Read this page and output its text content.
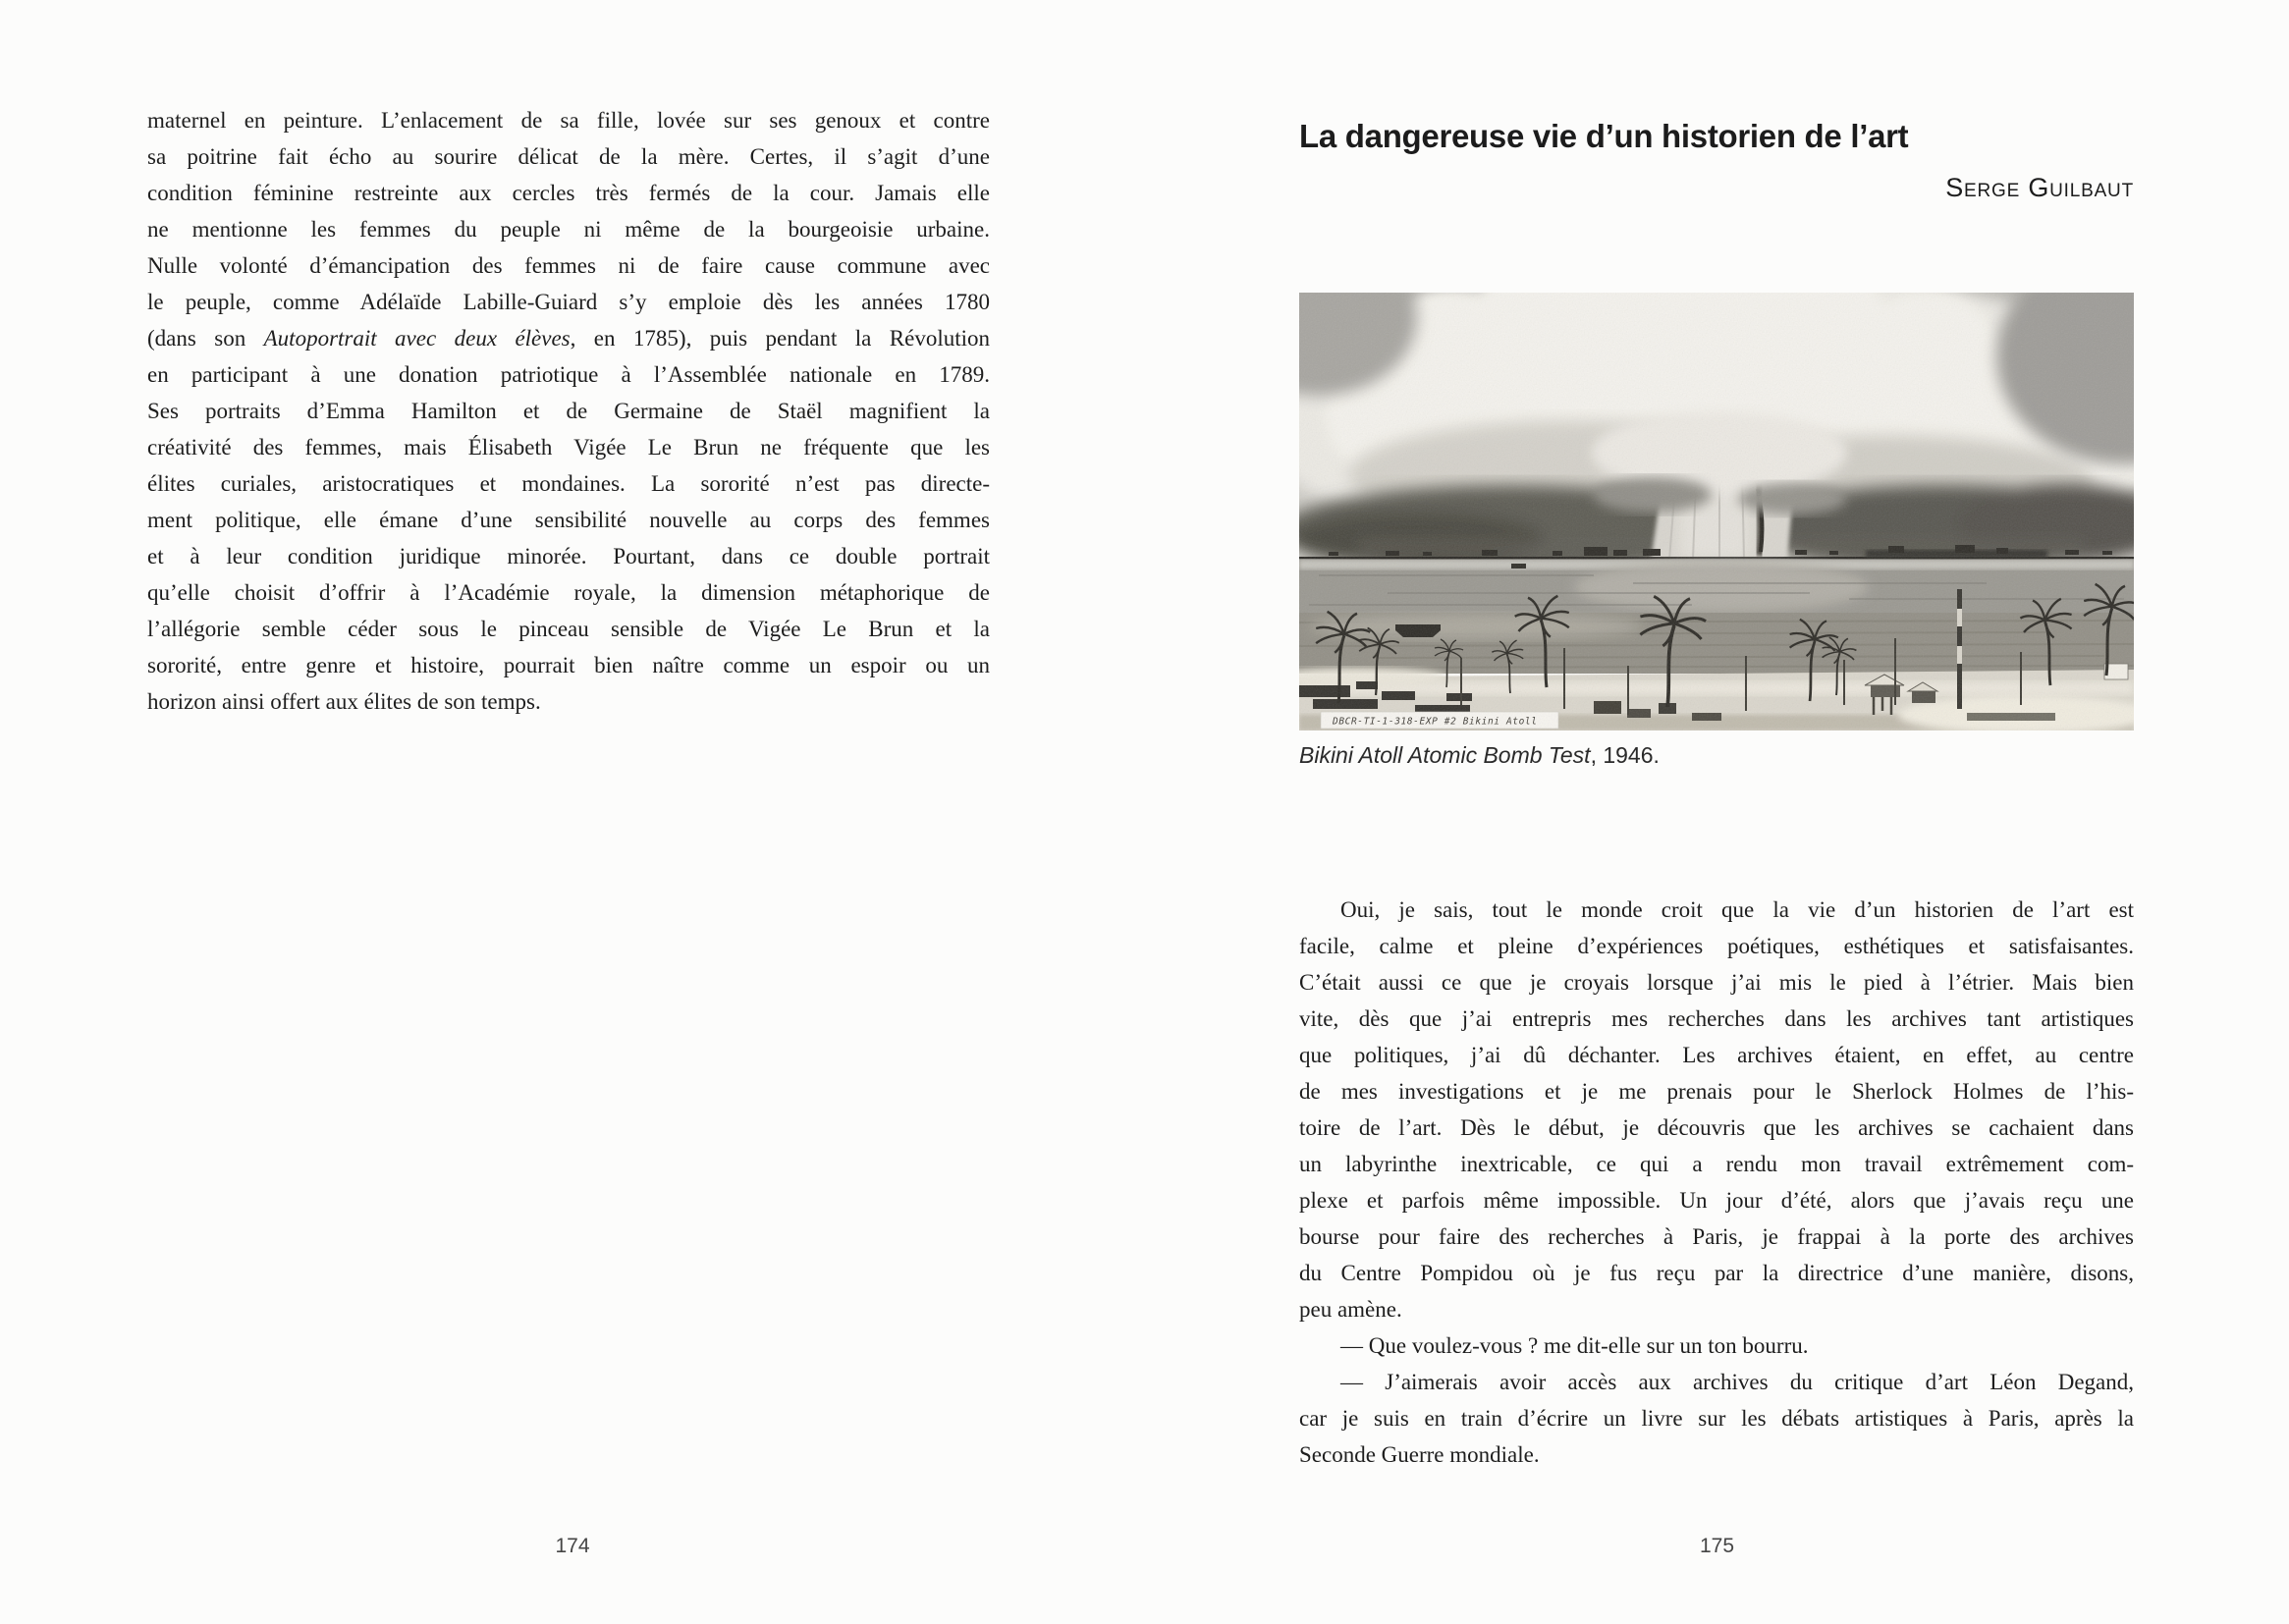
maternel en peinture. L’enlacement de sa fille, lovée sur ses genoux et contre
sa poitrine fait écho au sourire délicat de la mère. Certes, il s’agit d’une
condition féminine restreinte aux cercles très fermés de la cour. Jamais elle
ne mentionne les femmes du peuple ni même de la bourgeoisie urbaine.
Nulle volonté d’émancipation des femmes ni de faire cause commune avec
le peuple, comme Adélaïde Labille-Guiard s’y emploie dès les années 1780
(dans son Autoportrait avec deux élèves, en 1785), puis pendant la Révolution
en participant à une donation patriotique à l’Assemblée nationale en 1789.
Ses portraits d’Emma Hamilton et de Germaine de Staël magnifient la
créativité des femmes, mais Élisabeth Vigée Le Brun ne fréquente que les
élites curiales, aristocratiques et mondaines. La sororité n’est pas directe-
ment politique, elle émane d’une sensibilité nouvelle au corps des femmes
et à leur condition juridique minorée. Pourtant, dans ce double portrait
qu’elle choisit d’offrir à l’Académie royale, la dimension métaphorique de
l’allégorie semble céder sous le pinceau sensible de Vigée Le Brun et la
sororité, entre genre et histoire, pourrait bien naître comme un espoir ou un
horizon ainsi offert aux élites de son temps.
174
La dangereuse vie d’un historien de l’art
Serge Guilbaut
DBCR-TI-1-318-EXP #2 Bikini Atoll
Bikini Atoll Atomic Bomb Test, 1946.
Oui, je sais, tout le monde croit que la vie d’un historien de l’art est
facile, calme et pleine d’expériences poétiques, esthétiques et satisfaisantes.
C’était aussi ce que je croyais lorsque j’ai mis le pied à l’étrier. Mais bien
vite, dès que j’ai entrepris mes recherches dans les archives tant artistiques
que politiques, j’ai dû déchanter. Les archives étaient, en effet, au centre
de mes investigations et je me prenais pour le Sherlock Holmes de l’his-
toire de l’art. Dès le début, je découvris que les archives se cachaient dans
un labyrinthe inextricable, ce qui a rendu mon travail extrêmement com-
plexe et parfois même impossible. Un jour d’été, alors que j’avais reçu une
bourse pour faire des recherches à Paris, je frappai à la porte des archives
du Centre Pompidou où je fus reçu par la directrice d’une manière, disons,
peu amène.
— Que voulez-vous ? me dit-elle sur un ton bourru.
— J’aimerais avoir accès aux archives du critique d’art Léon Degand,
car je suis en train d’écrire un livre sur les débats artistiques à Paris, après la
Seconde Guerre mondiale.
175
